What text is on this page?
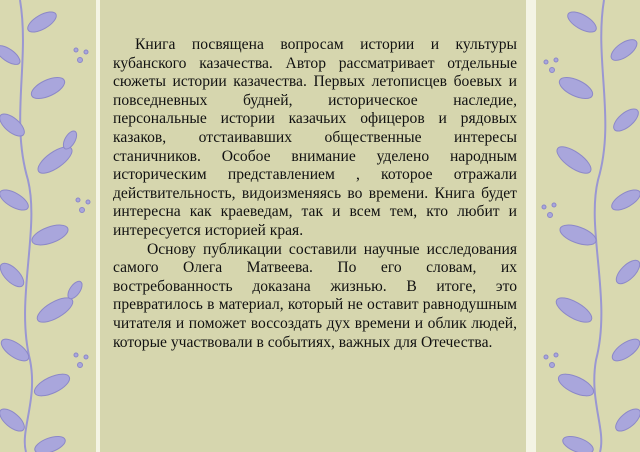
Книга посвящена вопросам истории и культуры кубанского казачества. Автор рассматривает отдельные сюжеты истории казачества. Первых летописцев боевых и повседневных будней, историческое наследие, персональные истории казачьих офицеров и рядовых казаков, отстаивавших общественные интересы станичников. Особое внимание уделено народным историческим представлением , которое отражали действительность, видоизменяясь во времени. Книга будет интересна как краеведам, так и всем тем, кто любит и интересуется историей края.

Основу публикации составили научные исследования самого Олега Матвеева. По его словам, их востребованность доказана жизнью. В итоге, это превратилось в материал, который не оставит равнодушным читателя и поможет воссоздать дух времени и облик людей, которые участвовали в событиях, важных для Отечества.
